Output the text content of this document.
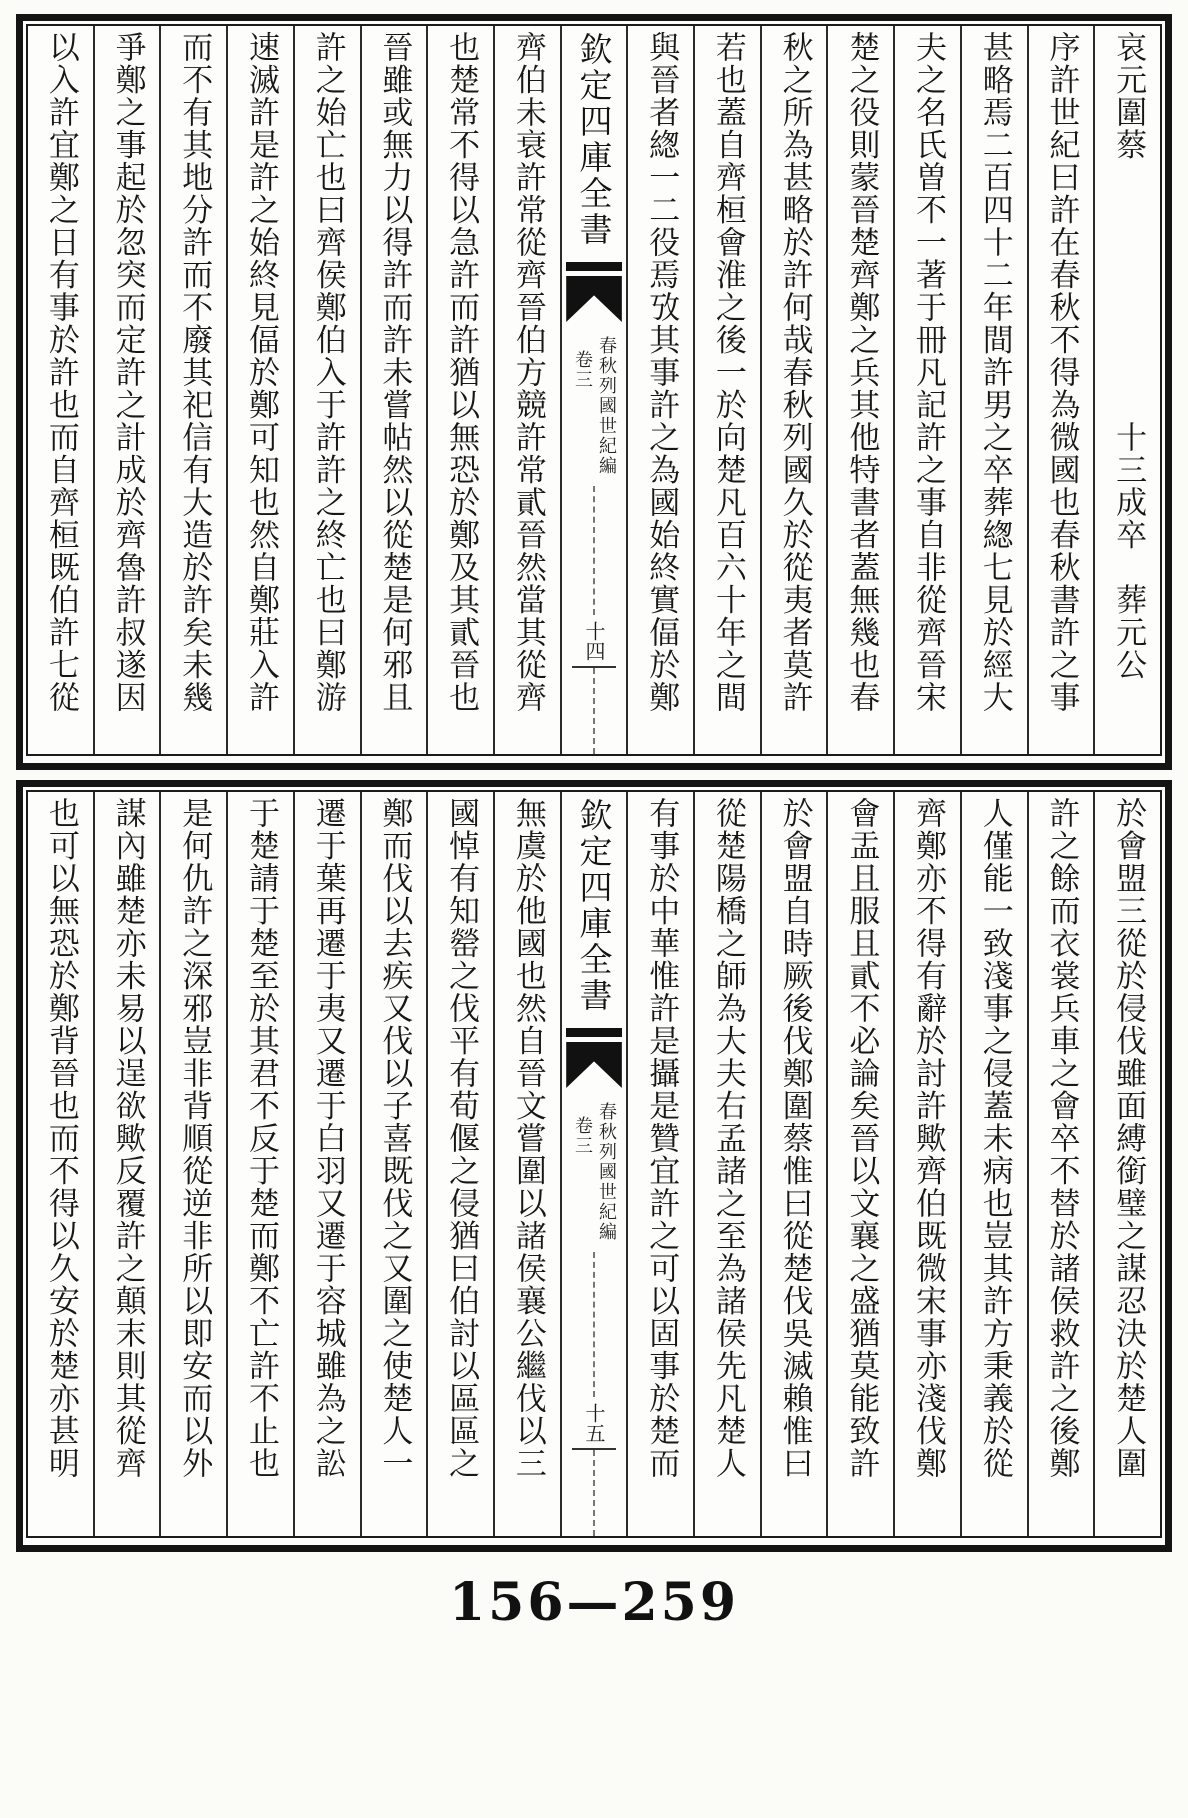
哀元圍蔡　　　　　　　　十三成卒　葬元公
序許世紀曰許在春秋不得為微國也春秋書許之事
甚略焉二百四十二年間許男之卒葬緫七見於經大
夫之名氏曽不一著于冊凡記許之事自非從齊晉宋
楚之役則蒙晉楚齊鄭之兵其他特書者蓋無幾也春
秋之所為甚略於許何哉春秋列國久於從夷者莫許
若也蓋自齊桓會淮之後一於向楚凡百六十年之間
與晉者緫一二役焉攷其事許之為國始終實偪於鄭
欽定四庫全書
春秋列國世紀編
卷三
十四
齊伯未衰許常從齊晉伯方競許常貳晉然當其從齊
也楚常不得以急許而許猶以無恐於鄭及其貳晉也
晉雖或無力以得許而許未嘗帖然以從楚是何邪且
許之始亡也曰齊侯鄭伯入于許許之終亡也曰鄭游
速滅許是許之始終見偪於鄭可知也然自鄭莊入許
而不有其地分許而不廢其祀信有大造於許矣未幾
爭鄭之事起於忽突而定許之計成於齊魯許叔遂因
以入許宜鄭之日有事於許也而自齊桓既伯許七從
於會盟三從於侵伐雖面縛銜璧之謀忍決於楚人圍
許之餘而衣裳兵車之會卒不替於諸侯救許之後鄭
人僅能一致淺事之侵蓋未病也豈其許方秉義於從
齊鄭亦不得有辭於討許歟齊伯既微宋事亦淺伐鄭
會盂且服且貳不必論矣晉以文襄之盛猶莫能致許
於會盟自時厥後伐鄭圍蔡惟曰從楚伐吳滅賴惟曰
從楚陽橋之師為大夫右孟諸之至為諸侯先凡楚人
有事於中華惟許是攝是贊宜許之可以固事於楚而
欽定四庫全書
春秋列國世紀編
卷三
十五
無虞於他國也然自晉文嘗圍以諸侯襄公繼伐以三
國悼有知罃之伐平有荀偃之侵猶曰伯討以區區之
鄭而伐以去疾又伐以子喜既伐之又圍之使楚人一
遷于葉再遷于夷又遷于白羽又遷于容城雖為之訟
于楚請于楚至於其君不反于楚而鄭不亡許不止也
是何仇許之深邪豈非背順從逆非所以即安而以外
謀內雖楚亦未易以逞欲歟反覆許之顛末則其從齊
也可以無恐於鄭背晉也而不得以久安於楚亦甚明
156—259
